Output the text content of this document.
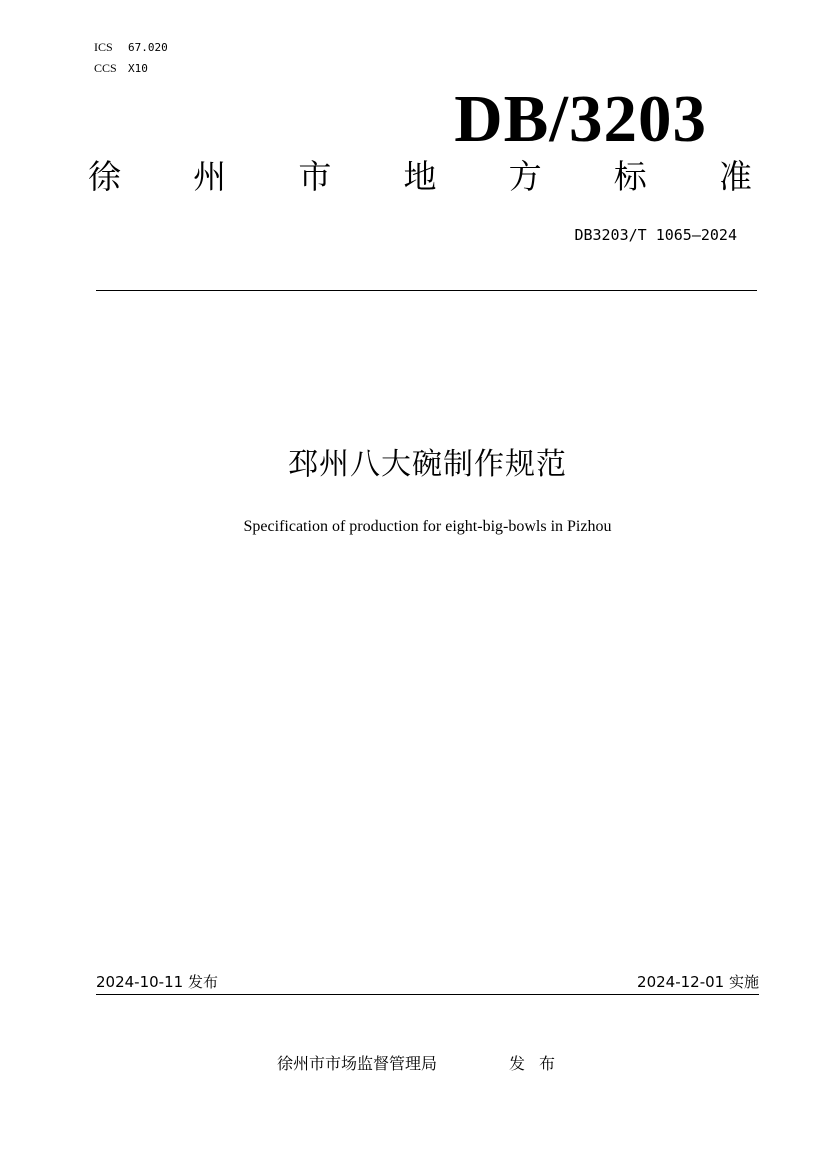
ICS 67.020
CCS X10
DB/3203
徐 州 市 地 方 标 准
DB3203/T 1065—2024
邳州八大碗制作规范
Specification of production for eight-big-bowls in Pizhou
2024-10-11 发布	2024-12-01 实施
徐州市市场监督管理局	发布
